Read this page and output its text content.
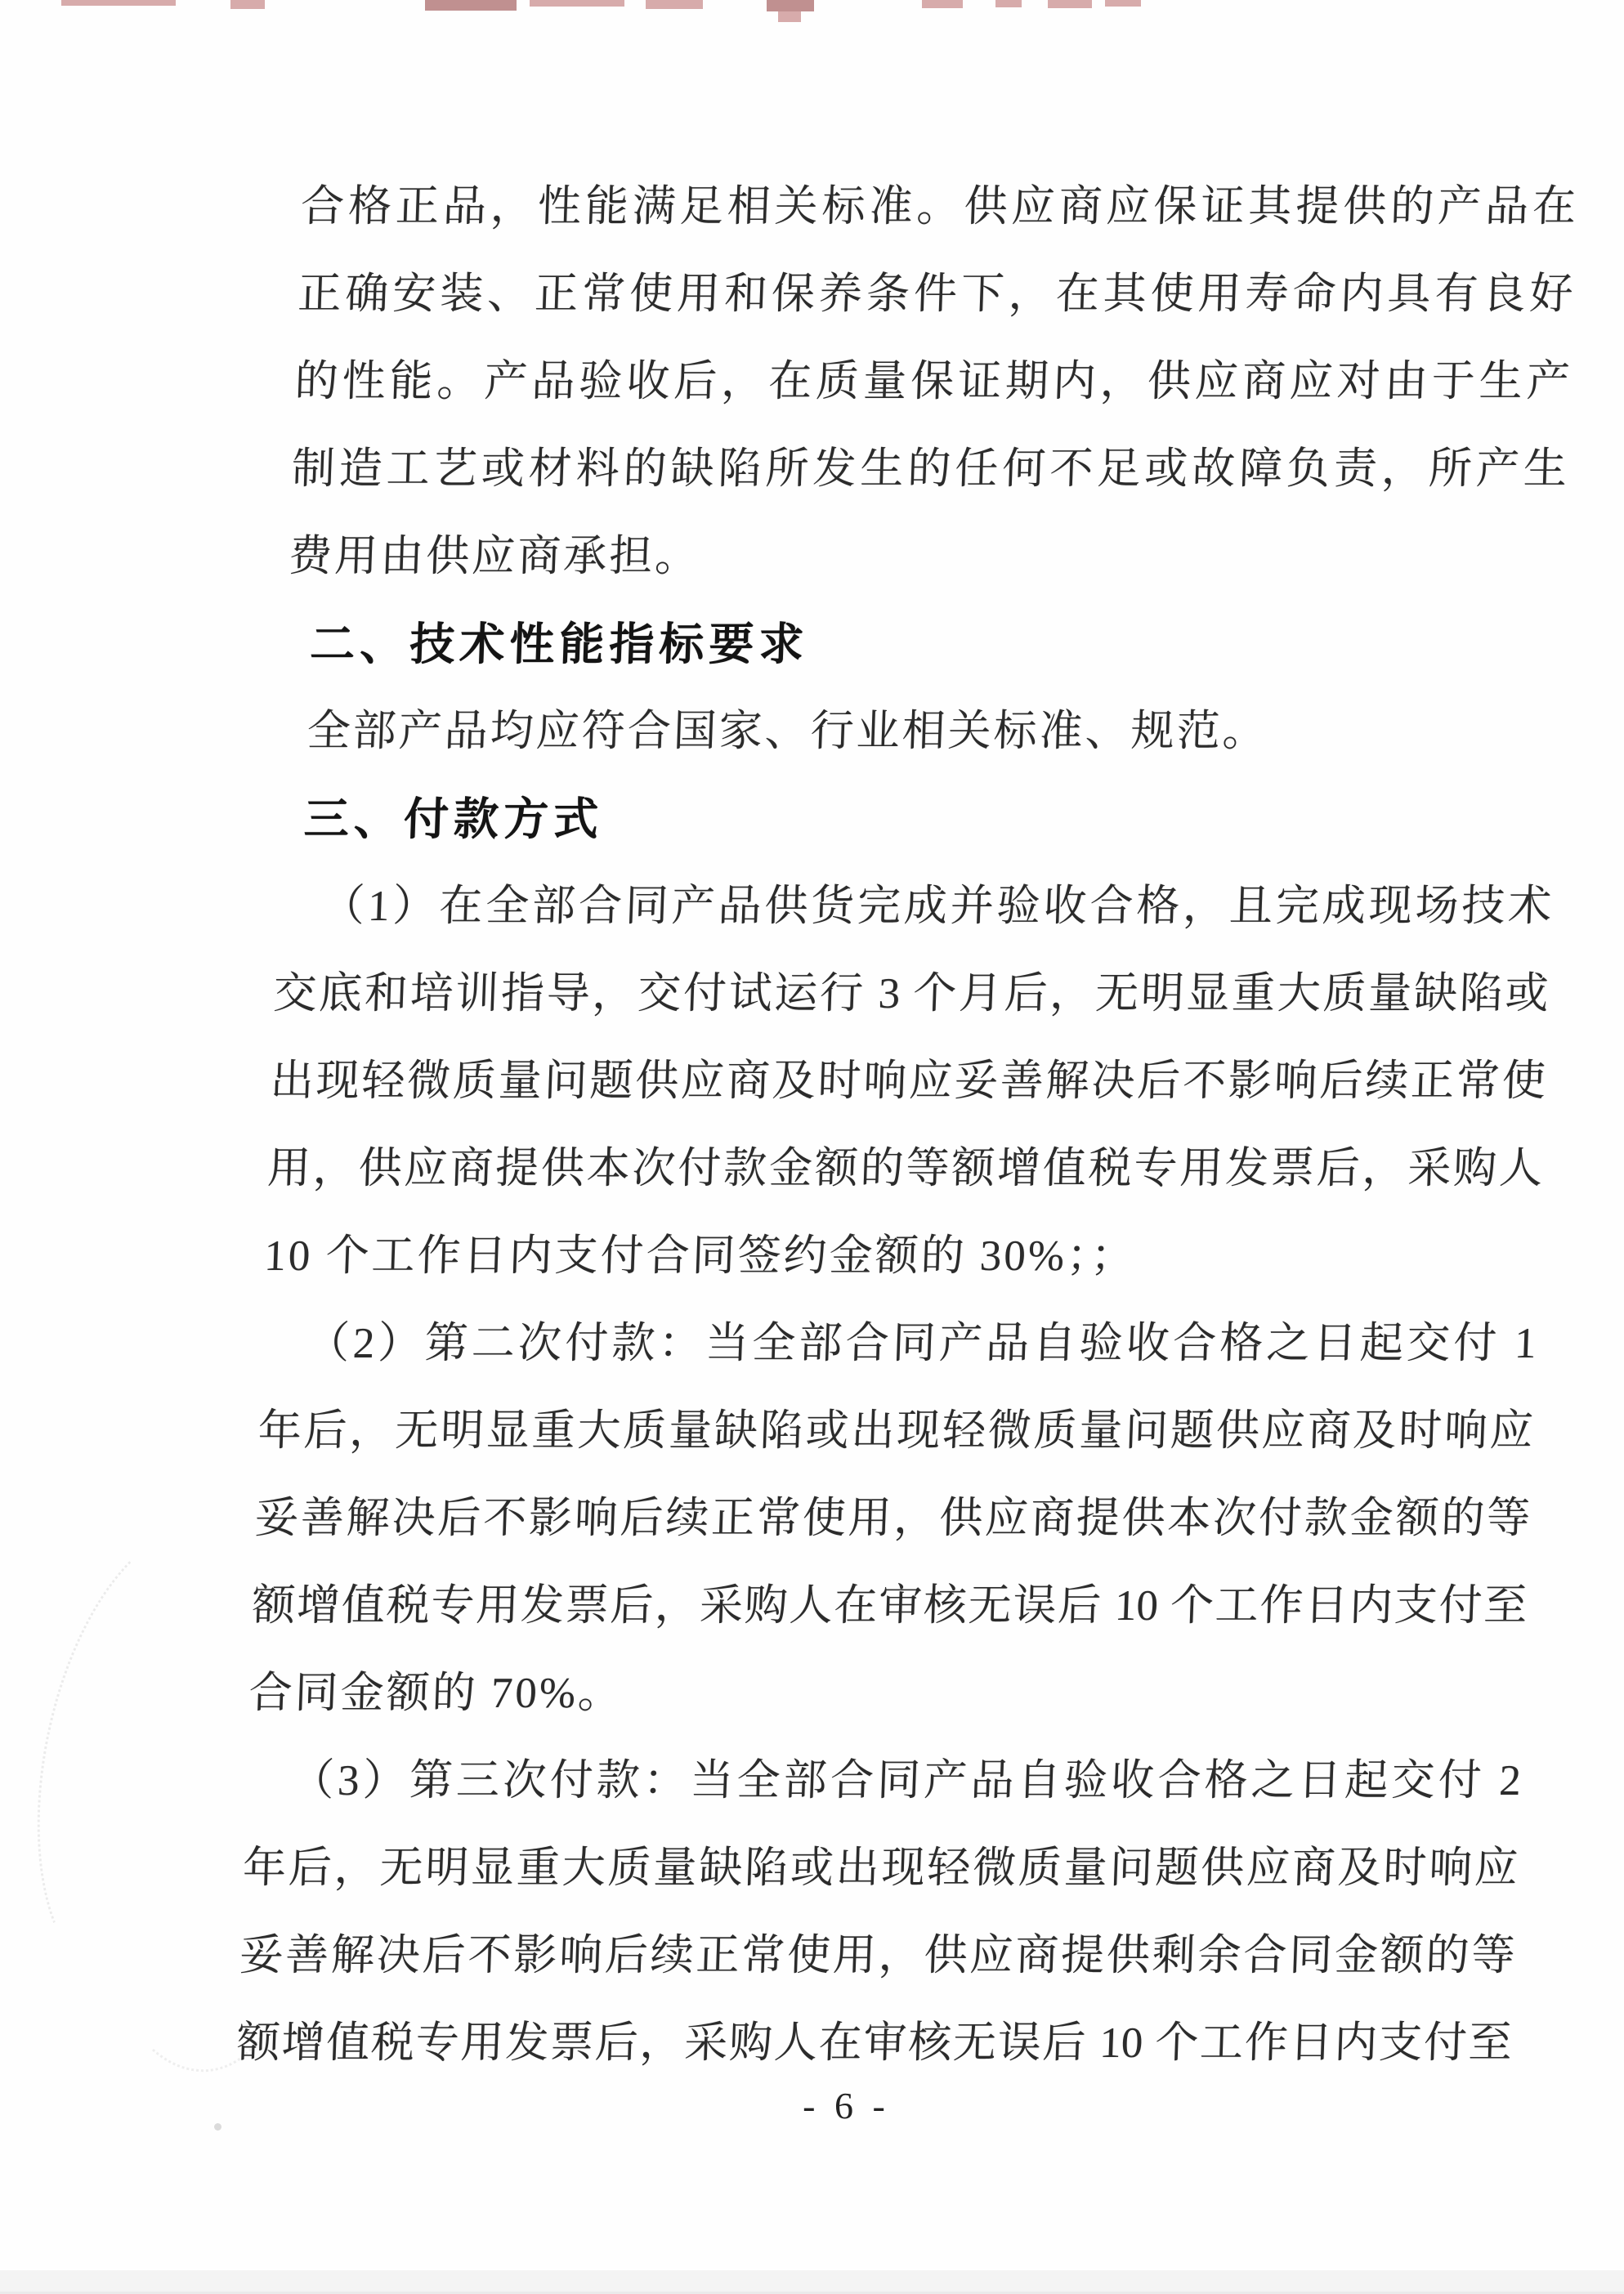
合格正品，性能满足相关标准。供应商应保证其提供的产品在
正确安装、正常使用和保养条件下，在其使用寿命内具有良好
的性能。产品验收后，在质量保证期内，供应商应对由于生产
制造工艺或材料的缺陷所发生的任何不足或故障负责，所产生
费用由供应商承担。
二、技术性能指标要求
全部产品均应符合国家、行业相关标准、规范。
三、付款方式
（1）在全部合同产品供货完成并验收合格，且完成现场技术
交底和培训指导，交付试运行 3 个月后，无明显重大质量缺陷或
出现轻微质量问题供应商及时响应妥善解决后不影响后续正常使
用，供应商提供本次付款金额的等额增值税专用发票后，采购人
10 个工作日内支付合同签约金额的 30%；；
（2）第二次付款：当全部合同产品自验收合格之日起交付 1
年后，无明显重大质量缺陷或出现轻微质量问题供应商及时响应
妥善解决后不影响后续正常使用，供应商提供本次付款金额的等
额增值税专用发票后，采购人在审核无误后 10 个工作日内支付至
合同金额的 70%。
（3）第三次付款：当全部合同产品自验收合格之日起交付 2
年后，无明显重大质量缺陷或出现轻微质量问题供应商及时响应
妥善解决后不影响后续正常使用，供应商提供剩余合同金额的等
额增值税专用发票后，采购人在审核无误后 10 个工作日内支付至
- 6 -
